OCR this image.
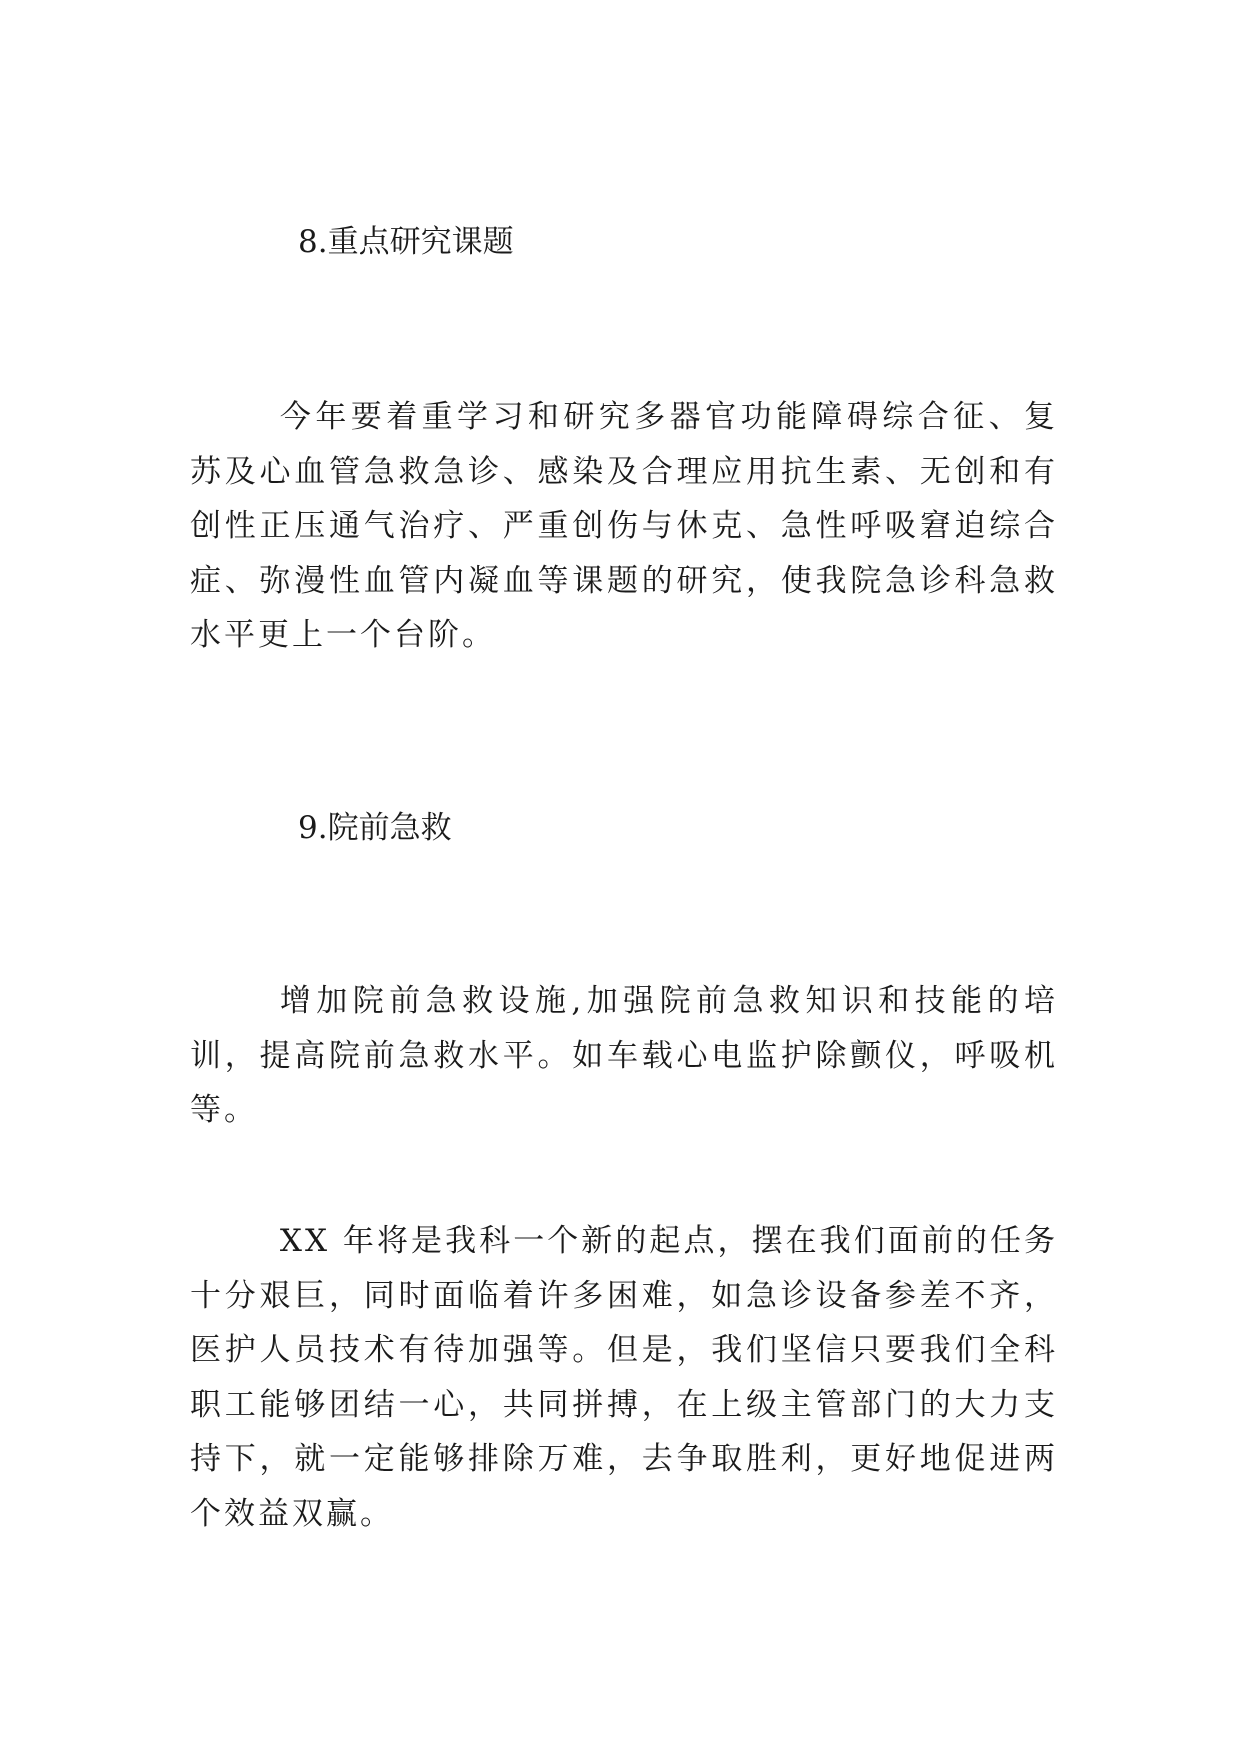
8.重点研究课题
今年要着重学习和研究多器官功能障碍综合征、复苏及心血管急救急诊、感染及合理应用抗生素、无创和有创性正压通气治疗、严重创伤与休克、急性呼吸窘迫综合症、弥漫性血管内凝血等课题的研究，使我院急诊科急救水平更上一个台阶。
9.院前急救
增加院前急救设施,加强院前急救知识和技能的培训，提高院前急救水平。如车载心电监护除颤仪，呼吸机等。
XX 年将是我科一个新的起点，摆在我们面前的任务十分艰巨，同时面临着许多困难，如急诊设备参差不齐，医护人员技术有待加强等。但是，我们坚信只要我们全科职工能够团结一心，共同拼搏，在上级主管部门的大力支持下，就一定能够排除万难，去争取胜利，更好地促进两个效益双赢。
